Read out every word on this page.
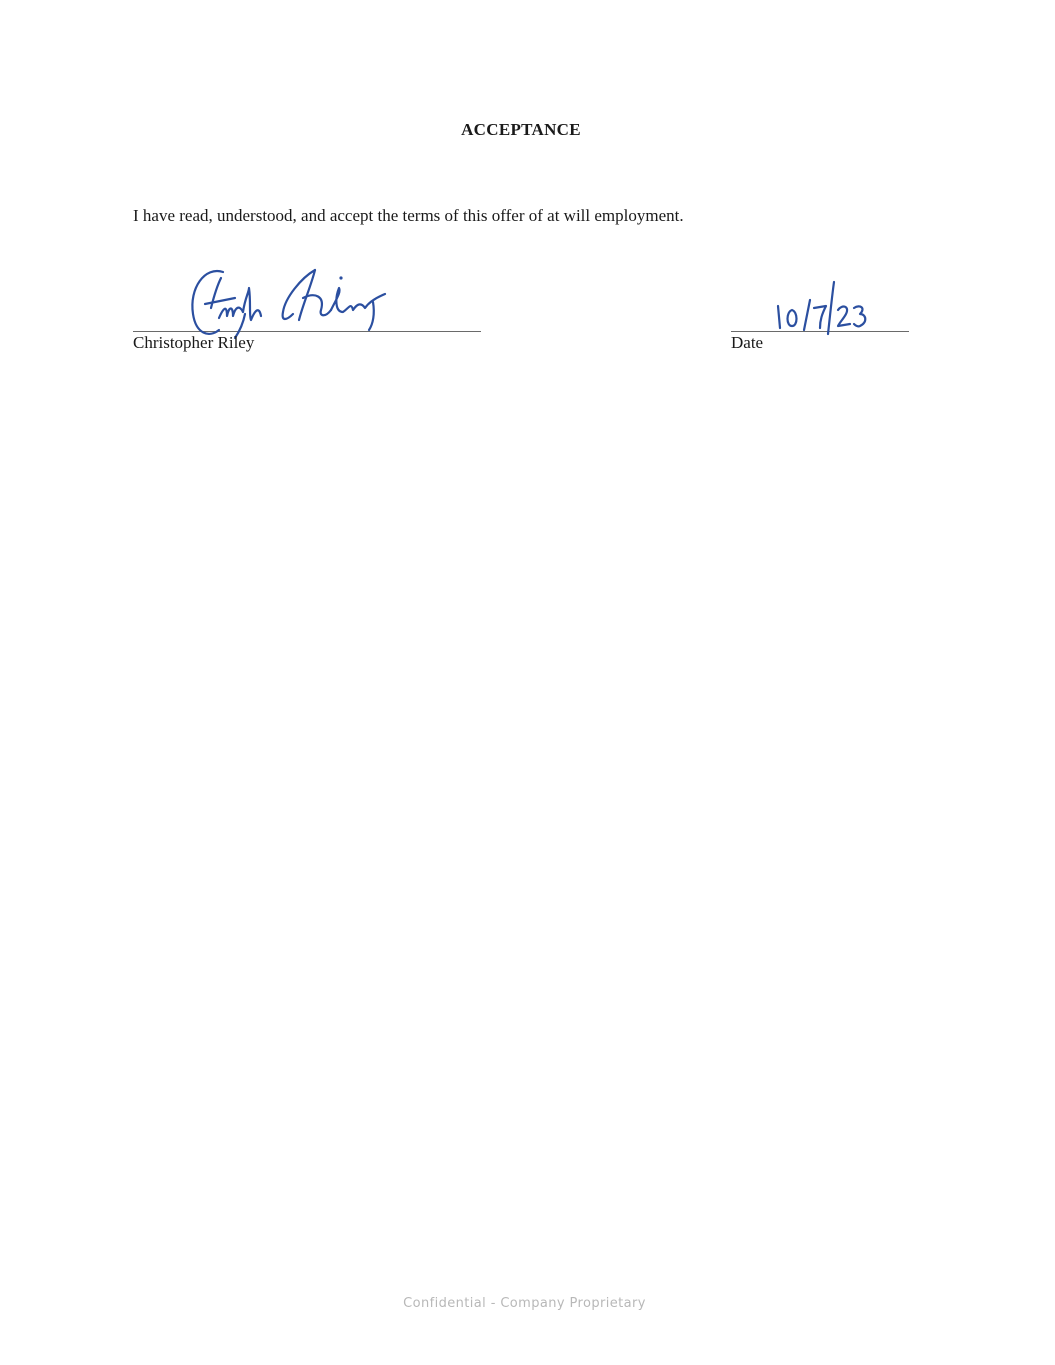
ACCEPTANCE
I have read, understood, and accept the terms of this offer of at will employment.
Christopher Riley
Christopher Riley
10/7/23
Date
Confidential - Company Proprietary
